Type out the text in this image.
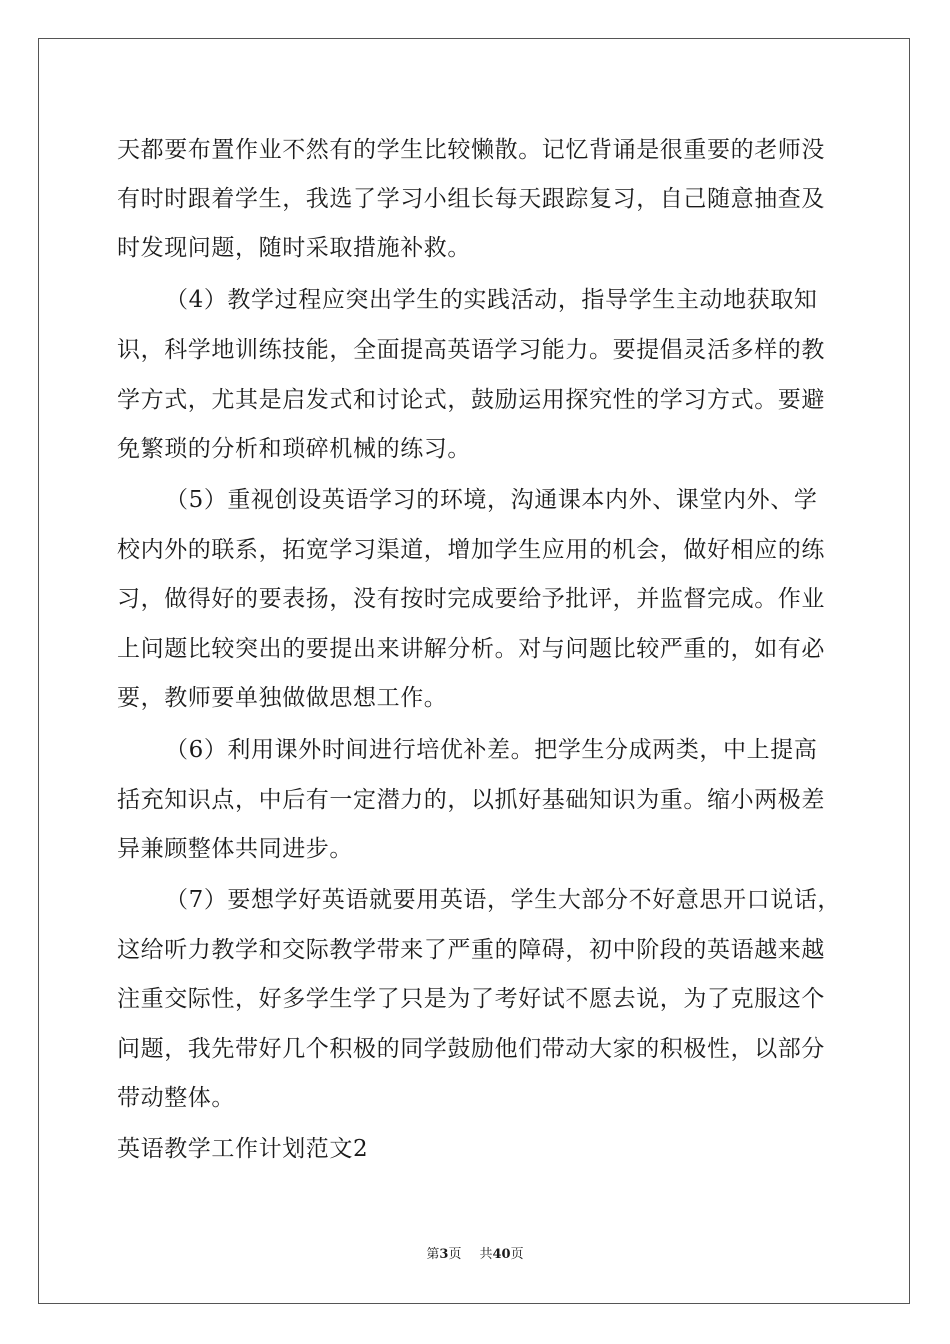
天都要布置作业不然有的学生比较懒散。记忆背诵是很重要的老师没
有时时跟着学生，我选了学习小组长每天跟踪复习，自己随意抽查及
时发现问题，随时采取措施补救。
（4）教学过程应突出学生的实践活动，指导学生主动地获取知
识，科学地训练技能，全面提高英语学习能力。要提倡灵活多样的教
学方式，尤其是启发式和讨论式，鼓励运用探究性的学习方式。要避
免繁琐的分析和琐碎机械的练习。
（5）重视创设英语学习的环境，沟通课本内外、课堂内外、学
校内外的联系，拓宽学习渠道，增加学生应用的机会，做好相应的练
习，做得好的要表扬，没有按时完成要给予批评，并监督完成。作业
上问题比较突出的要提出来讲解分析。对与问题比较严重的，如有必
要，教师要单独做做思想工作。
（6）利用课外时间进行培优补差。把学生分成两类，中上提高
括充知识点，中后有一定潜力的，以抓好基础知识为重。缩小两极差
异兼顾整体共同进步。
（7）要想学好英语就要用英语，学生大部分不好意思开口说话，
这给听力教学和交际教学带来了严重的障碍，初中阶段的英语越来越
注重交际性，好多学生学了只是为了考好试不愿去说，为了克服这个
问题，我先带好几个积极的同学鼓励他们带动大家的积极性，以部分
带动整体。
英语教学工作计划范文2
第3页 共40页
